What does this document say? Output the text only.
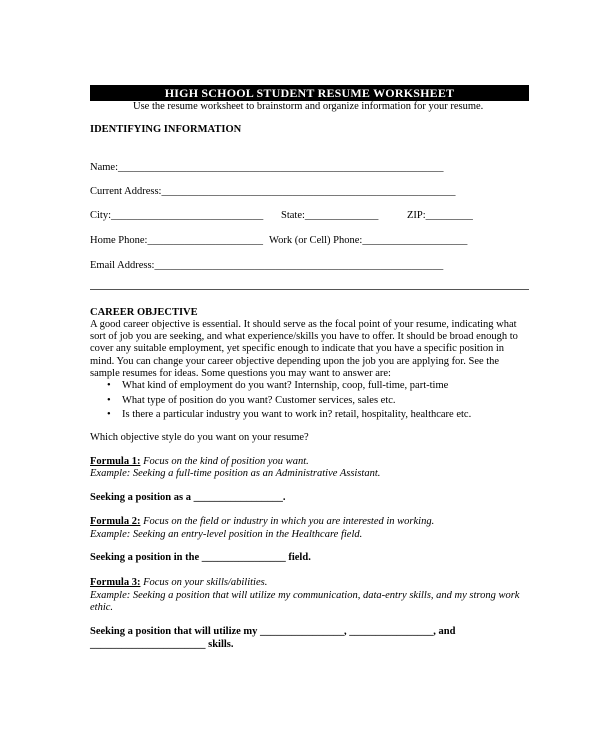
HIGH SCHOOL STUDENT RESUME WORKSHEET
Use the resume worksheet to brainstorm and organize information for your resume.
IDENTIFYING INFORMATION
Name:______________________________________________________________
Current Address:________________________________________________________
City:_____________________________ State:______________	ZIP:_________
Home Phone:______________________ Work (or Cell) Phone:____________________
Email Address:_______________________________________________________
CAREER OBJECTIVE
A good career objective is essential. It should serve as the focal point of your resume, indicating what sort of job you are seeking, and what experience/skills you have to offer. It should be broad enough to cover any suitable employment, yet specific enough to indicate that you have a specific position in mind. You can change your career objective depending upon the job you are applying for. See the sample resumes for ideas. Some questions you may want to answer are:
• What kind of employment do you want? Internship, coop, full-time, part-time
• What type of position do you want? Customer services, sales etc.
• Is there a particular industry you want to work in? retail, hospitality, healthcare etc.
Which objective style do you want on your resume?
Formula 1: Focus on the kind of position you want.
Example: Seeking a full-time position as an Administrative Assistant.
Seeking a position as a _________________.
Formula 2: Focus on the field or industry in which you are interested in working.
Example: Seeking an entry-level position in the Healthcare field.
Seeking a position in the ________________ field.
Formula 3: Focus on your skills/abilities.
Example: Seeking a position that will utilize my communication, data-entry skills, and my strong work ethic.
Seeking a position that will utilize my ________________, ________________, and
______________________ skills.
